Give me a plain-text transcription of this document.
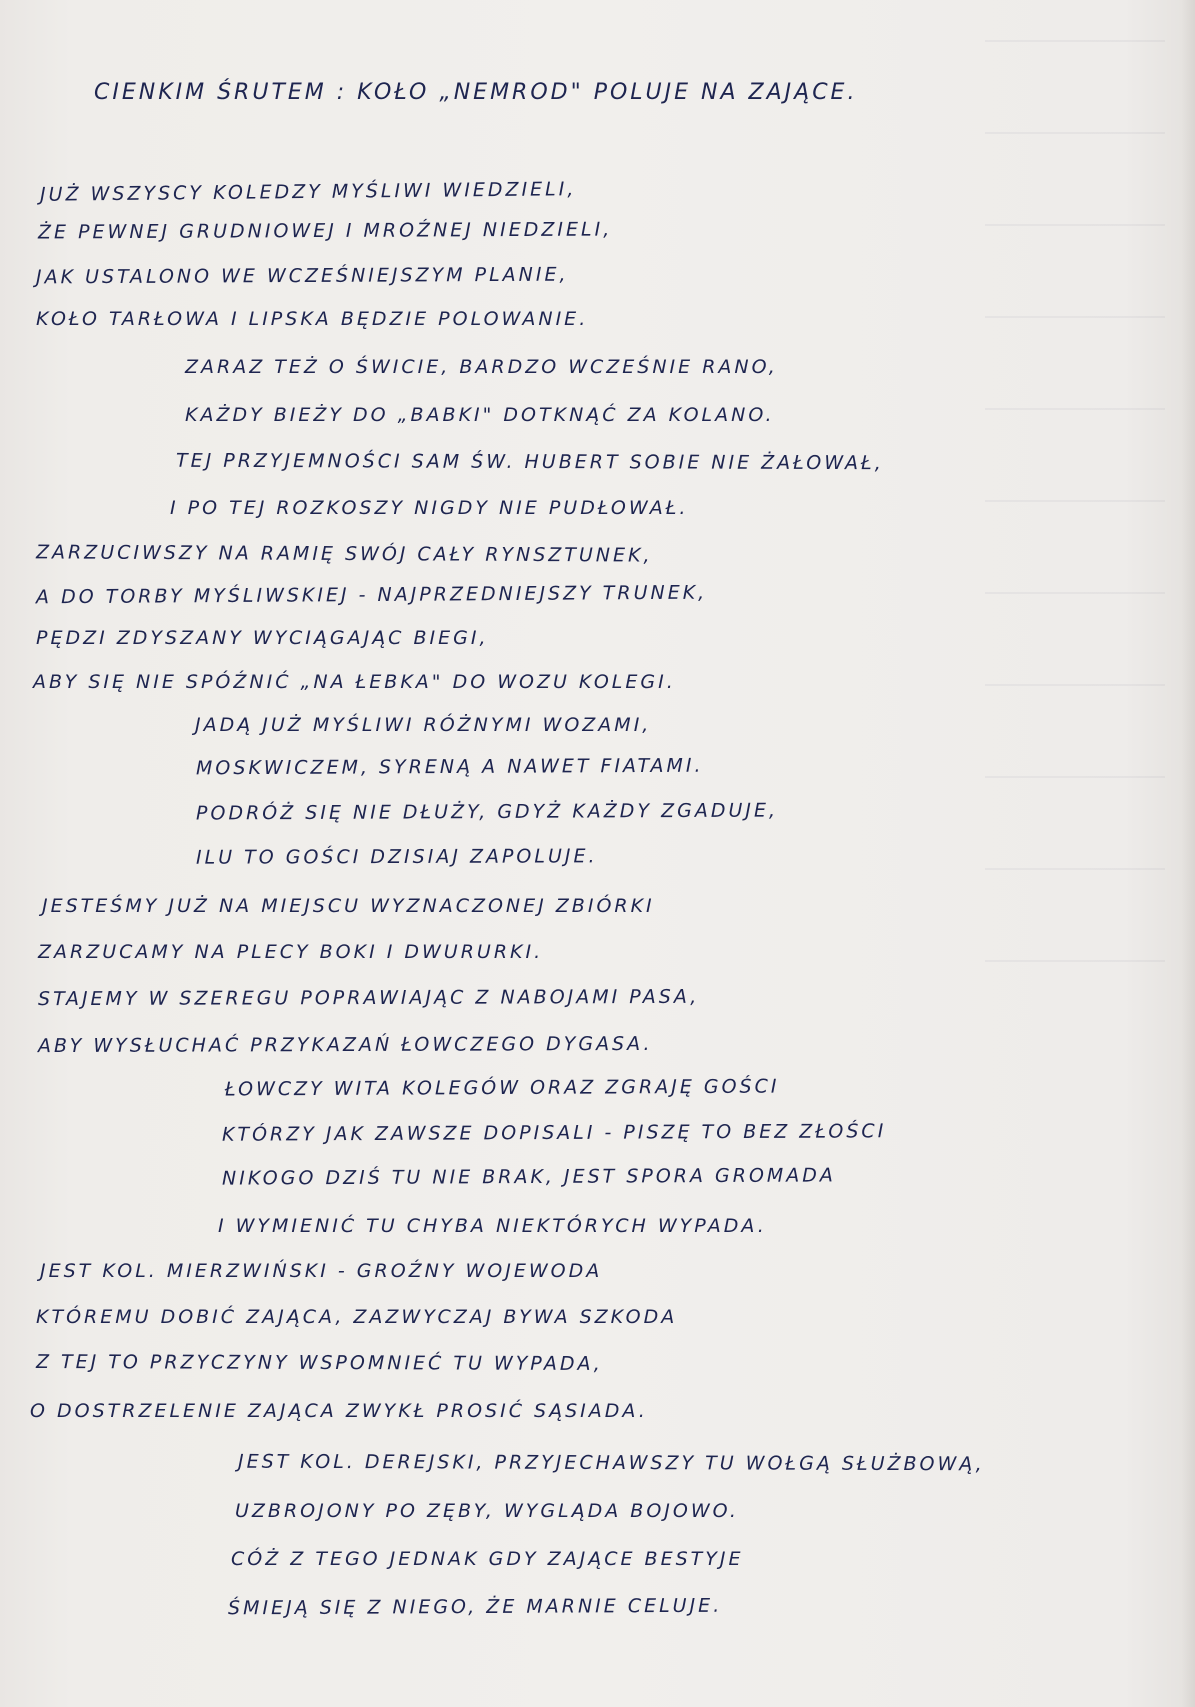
CIENKIM ŚRUTEM : KOŁO „NEMROD" POLUJE NA ZAJĄCE.
JUŻ WSZYSCY KOLEDZY MYŚLIWI WIEDZIELI,
ŻE PEWNEJ GRUDNIOWEJ I MROŹNEJ NIEDZIELI,
JAK USTALONO WE WCZEŚNIEJSZYM PLANIE,
KOŁO TARŁOWA I LIPSKA BĘDZIE POLOWANIE.
ZARAZ TEŻ O ŚWICIE, BARDZO WCZEŚNIE RANO,
KAŻDY BIEŻY DO „BABKI" DOTKNĄĆ ZA KOLANO.
TEJ PRZYJEMNOŚCI SAM ŚW. HUBERT SOBIE NIE ŻAŁOWAŁ,
I PO TEJ ROZKOSZY NIGDY NIE PUDŁOWAŁ.
ZARZUCIWSZY NA RAMIĘ SWÓJ CAŁY RYNSZTUNEK,
A DO TORBY MYŚLIWSKIEJ - NAJPRZEDNIEJSZY TRUNEK,
PĘDZI ZDYSZANY WYCIĄGAJĄC BIEGI,
ABY SIĘ NIE SPÓŹNIĆ „NA ŁEBKA" DO WOZU KOLEGI.
JADĄ JUŻ MYŚLIWI RÓŻNYMI WOZAMI,
MOSKWICZEM, SYRENĄ A NAWET FIATAMI.
PODRÓŻ SIĘ NIE DŁUŻY, GDYŻ KAŻDY ZGADUJE,
ILU TO GOŚCI DZISIAJ ZAPOLUJE.
JESTEŚMY JUŻ NA MIEJSCU WYZNACZONEJ ZBIÓRKI
ZARZUCAMY NA PLECY BOKI I DWURURKI.
STAJEMY W SZEREGU POPRAWIAJĄC Z NABOJAMI PASA,
ABY WYSŁUCHAĆ PRZYKAZAŃ ŁOWCZEGO DYGASA.
ŁOWCZY WITA KOLEGÓW ORAZ ZGRAJĘ GOŚCI
KTÓRZY JAK ZAWSZE DOPISALI - PISZĘ TO BEZ ZŁOŚCI
NIKOGO DZIŚ TU NIE BRAK, JEST SPORA GROMADA
I WYMIENIĆ TU CHYBA NIEKTÓRYCH WYPADA.
JEST KOL. MIERZWIŃSKI - GROŹNY WOJEWODA
KTÓREMU DOBIĆ ZAJĄCA, ZAZWYCZAJ BYWA SZKODA
Z TEJ TO PRZYCZYNY WSPOMNIEĆ TU WYPADA,
O DOSTRZELENIE ZAJĄCA ZWYKŁ PROSIĆ SĄSIADA.
JEST KOL. DEREJSKI, PRZYJECHAWSZY TU WOŁGĄ SŁUŻBOWĄ,
UZBROJONY PO ZĘBY, WYGLĄDA BOJOWO.
CÓŻ Z TEGO JEDNAK GDY ZAJĄCE BESTYJE
ŚMIEJĄ SIĘ Z NIEGO, ŻE MARNIE CELUJE.
